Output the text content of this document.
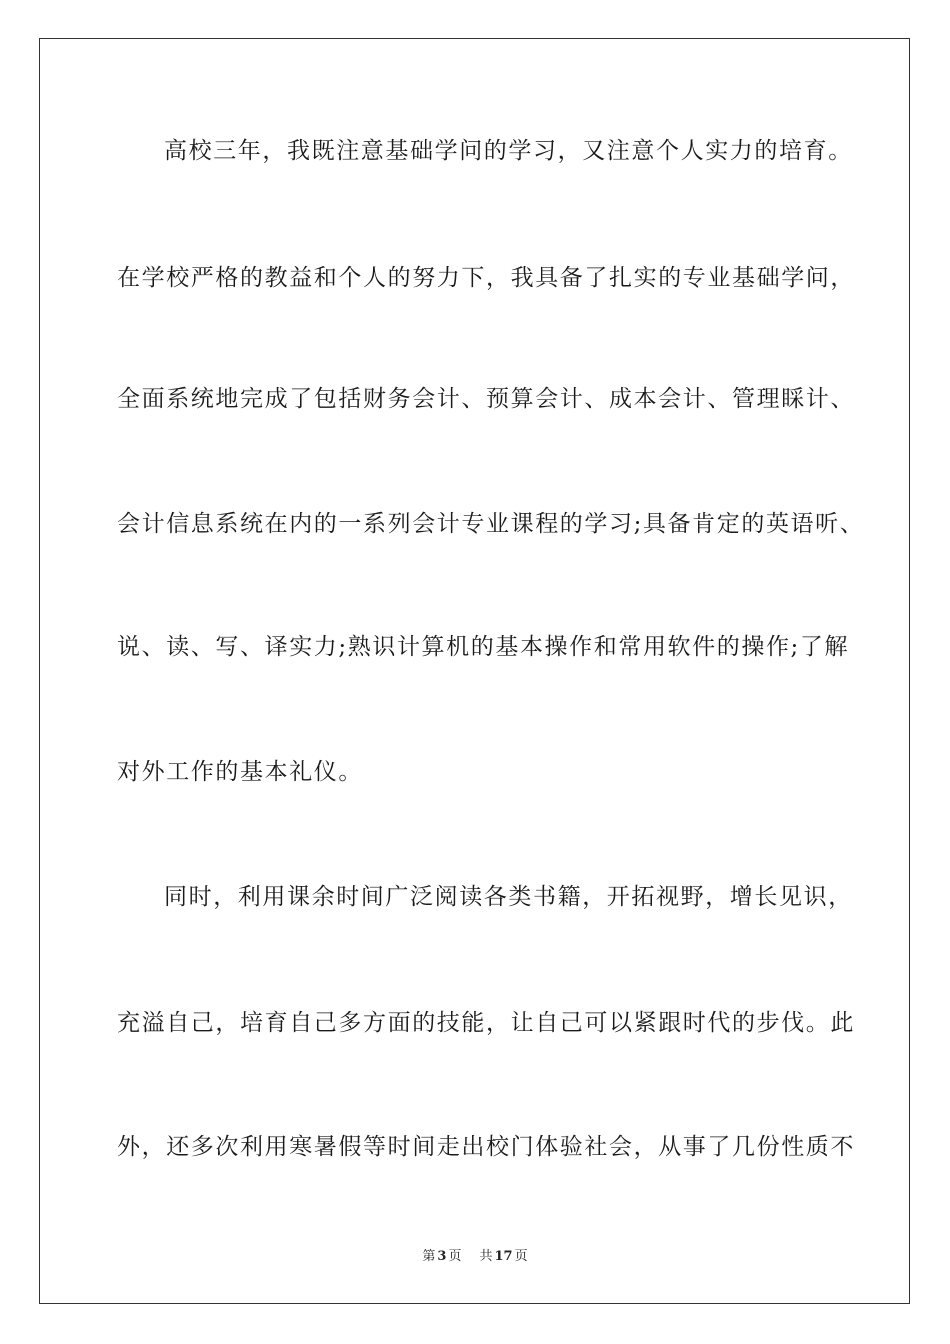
高校三年，我既注意基础学问的学习，又注意个人实力的培育。
在学校严格的教益和个人的努力下，我具备了扎实的专业基础学问，
全面系统地完成了包括财务会计、预算会计、成本会计、管理睬计、
会计信息系统在内的一系列会计专业课程的学习;具备肯定的英语听、
说、读、写、译实力;熟识计算机的基本操作和常用软件的操作;了解
对外工作的基本礼仪。
同时，利用课余时间广泛阅读各类书籍，开拓视野，增长见识，
充溢自己，培育自己多方面的技能，让自己可以紧跟时代的步伐。此
外，还多次利用寒暑假等时间走出校门体验社会，从事了几份性质不
第 3 页 共 17 页
